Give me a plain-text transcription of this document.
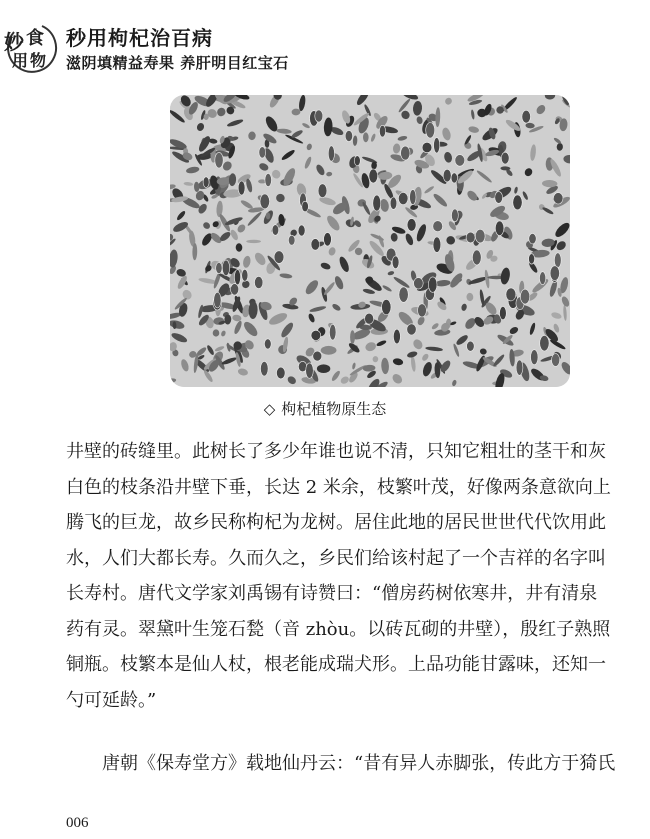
妙 食
用 物
秒用枸杞治百病
滋阴填精益寿果 养肝明目红宝石
◇ 枸杞植物原生态
井壁的砖缝里。此树长了多少年谁也说不清，只知它粗壮的茎干和灰
白色的枝条沿井壁下垂，长达 2 米余，枝繁叶茂，好像两条意欲向上
腾飞的巨龙，故乡民称枸杞为龙树。居住此地的居民世世代代饮用此
水，人们大都长寿。久而久之，乡民们给该村起了一个吉祥的名字叫
长寿村。唐代文学家刘禹锡有诗赞曰：“僧房药树依寒井，井有清泉
药有灵。翠黛叶生笼石甃（音 zhòu。以砖瓦砌的井壁），殷红子熟照
铜瓶。枝繁本是仙人杖，根老能成瑞犬形。上品功能甘露味，还知一
勺可延龄。”
唐朝《保寿堂方》载地仙丹云：“昔有异人赤脚张，传此方于猗氏
006
